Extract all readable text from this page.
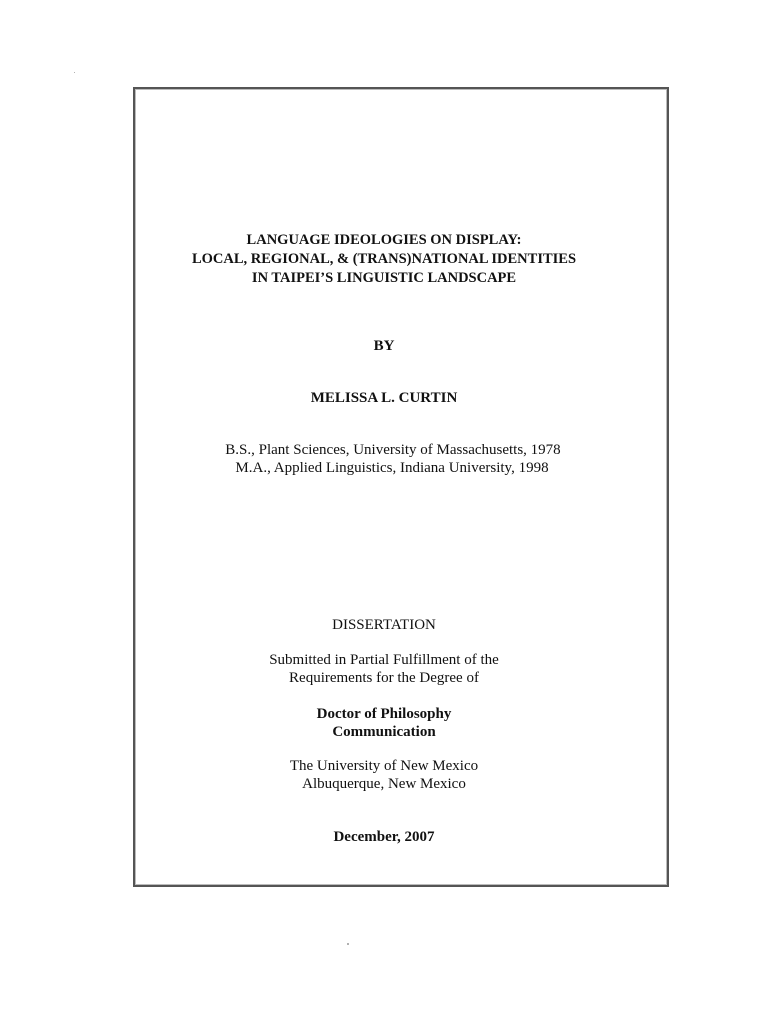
LANGUAGE IDEOLOGIES ON DISPLAY:
LOCAL, REGIONAL, & (TRANS)NATIONAL IDENTITIES
IN TAIPEI’S LINGUISTIC LANDSCAPE
BY
MELISSA L. CURTIN
B.S., Plant Sciences, University of Massachusetts, 1978
M.A., Applied Linguistics, Indiana University, 1998
DISSERTATION
Submitted in Partial Fulfillment of the
Requirements for the Degree of
Doctor of Philosophy
Communication
The University of New Mexico
Albuquerque, New Mexico
December, 2007
